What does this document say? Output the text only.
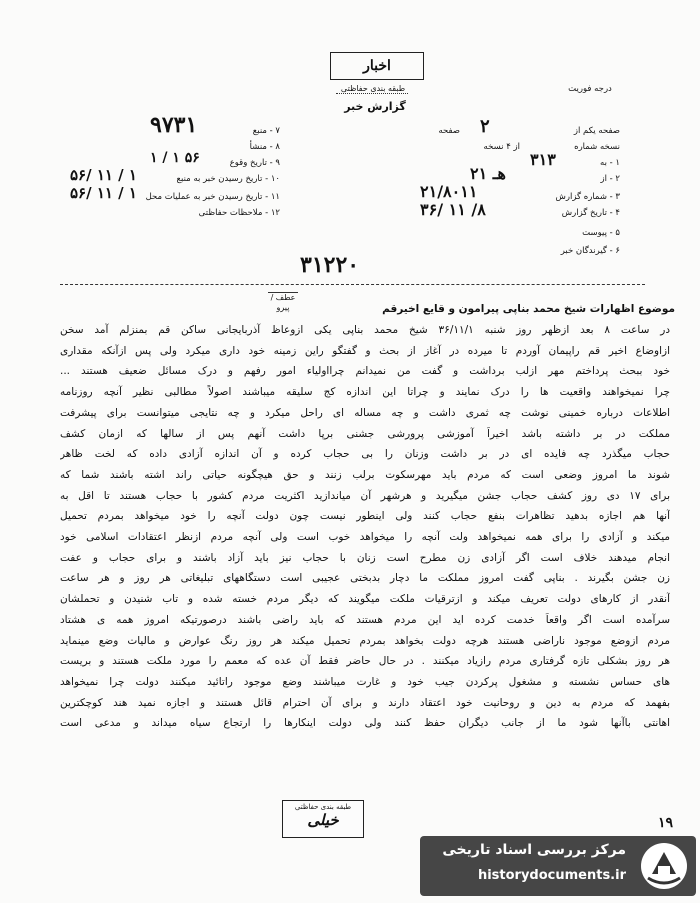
اخبار
طبقه بندی حفاظتی
گزارش خبر
درجه فوریت
۹۷۳۱	۷ - منبع
۸ - منشأ
۱ / ۱ ۵۶	۹ - تاریخ وقوع
۵۶/ ۱۱ / ۱	۱۰ - تاریخ رسیدن خبر به منبع
۵۶/ ۱۱ / ۱	۱۱ - تاریخ رسیدن خبر به عملیات محل
۱۲ - ملاحظات حفاظتی
صفحه یکم از
۲
صفحه
نسخه شماره
از ۴ نسخه
۱ - به
۳۱۳
۲ - از
۲۱ هـ
۳ - شماره گزارش
۲۱/۸۰۱۱
۴ - تاریخ گزارش
۳۶/ ۱۱ /۸
۵ - پیوست
۶ - گیرندگان خبر
۳۱۲۲۰
عطف / پیرو	موضوع اظهارات شیخ محمد بناپی پیرامون و قایع اخیرقم
در ساعت ۸ بعد ازظهر روز شنبه ۳۶/۱۱/۱ شیخ محمد بناپی یکی ازوعاظ آذربایجانی ساکن قم بمنزلم آمد سخن
ازاوضاع اخیر قم راپیمان آوردم تا میرده در آغاز از بحث و گفتگو راین زمینه خود داری میکرد ولی پس ازآنکه مقداری
خود ببحث پرداختم مهر ازلب برداشت و گفت من نمیدانم چرااولیاء امور رفهم و درک مسائل ضعیف هستند ...
چرا نمیخواهند واقعیت ها را درک نمایند و چراتا این اندازه کج سلیقه میباشند اصولاً مطالبی نظیر آنچه روزنامه
اطلاعات درباره خمینی نوشت چه ثمری داشت و چه مساله ای راحل میکرد و چه نتایجی میتوانست برای پیشرفت
مملکت در بر داشته باشد اخیراً آموزشی پرورشی جشنی برپا داشت آنهم پس از سالها که ازمان کشف
حجاب میگذرد چه فایده ای در بر داشت وزنان را بی حجاب کرده و آن اندازه آزادی داده که لخت ظاهر
شوند ما امروز وضعی است که مردم باید مهرسکوت برلب زنند و حق هیچگونه حیاتی راند اشته باشند شما که
برای ۱۷ دی روز کشف حجاب جشن میگیرید و هرشهر آن میاندازید اکثریت مردم کشور با حجاب هستند تا اقل به
آنها هم اجازه بدهید تظاهرات بنفع حجاب کنند ولی اینطور نیست چون دولت آنچه را خود میخواهد بمردم تحمیل
میکند و آزادی را برای همه نمیخواهد ولت آنچه را میخواهد خوب است ولی آنچه مردم ازنظر اعتقادات اسلامی خود
انجام میدهند خلاف است اگر آزادی زن مطرح است زنان با حجاب نیز باید آزاد باشند و برای حجاب و عفت
زن جشن بگیرند . بناپی گفت امروز مملکت ما دچار بدبختی عجیبی است دستگاههای تبلیغاتی هر روز و هر ساعت
آنقدر از کارهای دولت تعریف میکند و ازترقیات ملکت میگویند که دیگر مردم خسته شده و تاب شنیدن و تحملشان
سرآمده است اگر واقعاً خدمت کرده اید این مردم هستند که باید راضی باشند درصورتیکه امروز همه ی هشتاد
مردم ازوضع موجود ناراضی هستند هرچه دولت بخواهد بمردم تحمیل میکند هر روز رنگ عوارض و مالیات وضع مینماید
هر روز بشکلی تازه گرفتاری مردم رازیاد میکنند . در حال حاضر فقط آن عده که معمم را مورد ملکت هستند و بریست
های حساس نشسته و مشغول پرکردن جیب خود و غارت میباشند وضع موجود راتائید میکنند دولت چرا نمیخواهد
بفهمد که مردم به دین و روحانیت خود اعتقاد دارند و برای آن احترام قائل هستند و اجازه نمید هند کوچکترین
اهانتی باآنها شود ما از جانب دیگران حفظ کنند ولی دولت اینکارها را ارتجاع سیاه میداند و مدعی است
طبقه بندی حفاظتی
خیلی	۱۹
مرکز بررسی اسناد تاریخی
historydocuments.ir
